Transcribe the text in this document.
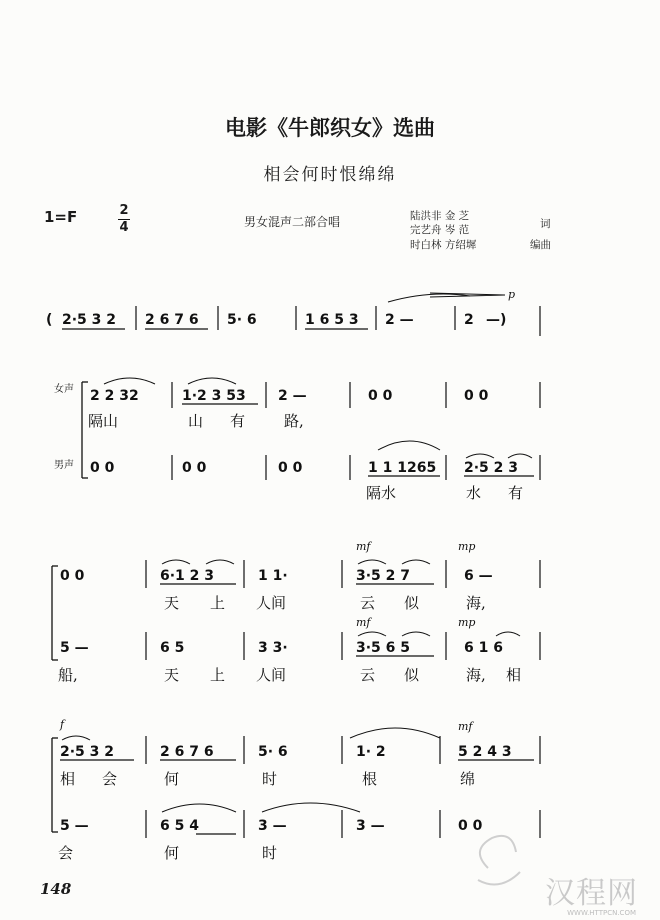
电影《牛郎织女》选曲
相会何时恨绵绵
1=F	2
4	男女混声二部合唱	陆洪非 金 芝
词
完艺舟 岑 范
时白林 方绍墀	编曲
( 2·5 3 2 2 6 7 6 5· 6	1 6 5 3 2 —	2 —)
p
女声
男声
2 2 32	1·2 3 53 2 —	0 0	0 0
隔山	山 有	路,
0 0	0 0	0 0	1 1 1265 2·5 2 3
隔水	水 有
mf	mp
0 0	6·1 2 3	1 1·	3·5 2 7	6 —
天 上 人间	云 似	海,
mf	mp
5 —	6 5	3 3·	3·5 6 5	6 1 6
船,	天 上 人间	云 似	海, 相
f	mf
2·5 3 2	2 6 7 6	5· 6	1· 2	5 2 4 3
相 会	何	时	根	绵
5 —	6 5 4	3 —	3 —	0 0
会	何	时
148	汉程网
WWW.HTTPCN.COM
